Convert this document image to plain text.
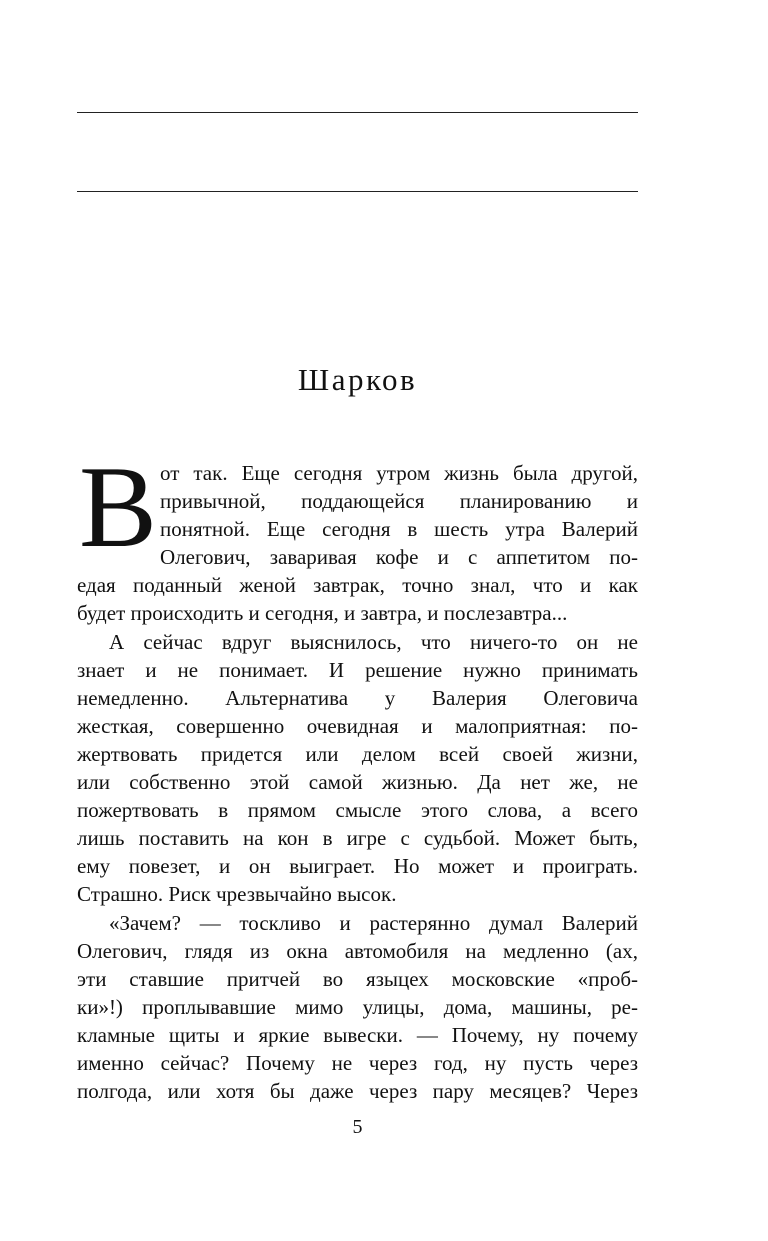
Шарков
В от так. Еще сегодня утром жизнь была другой,
привычной, поддающейся планированию и
понятной. Еще сегодня в шесть утра Валерий
Олегович, заваривая кофе и с аппетитом по-
едая поданный женой завтрак, точно знал, что и как
будет происходить и сегодня, и завтра, и послезавтра...
А сейчас вдруг выяснилось, что ничего-то он не
знает и не понимает. И решение нужно принимать
немедленно. Альтернатива у Валерия Олеговича
жесткая, совершенно очевидная и малоприятная: по-
жертвовать придется или делом всей своей жизни,
или собственно этой самой жизнью. Да нет же, не
пожертвовать в прямом смысле этого слова, а всего
лишь поставить на кон в игре с судьбой. Может быть,
ему повезет, и он выиграет. Но может и проиграть.
Страшно. Риск чрезвычайно высок.
«Зачем? — тоскливо и растерянно думал Валерий
Олегович, глядя из окна автомобиля на медленно (ах,
эти ставшие притчей во языцех московские «проб-
ки»!) проплывавшие мимо улицы, дома, машины, ре-
кламные щиты и яркие вывески. — Почему, ну почему
именно сейчас? Почему не через год, ну пусть через
полгода, или хотя бы даже через пару месяцев? Через
5
